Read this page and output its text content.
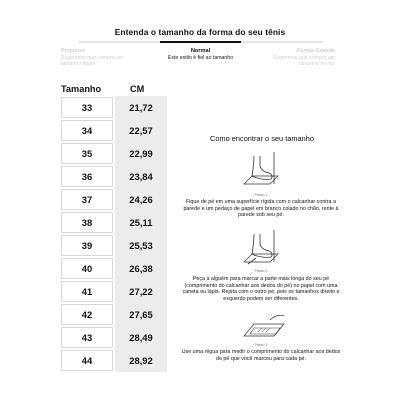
Entenda o tamanho da forma do seu tênis
Pequeno
Sugerimos que compre um tamanho maior
Normal
Este estilo é fiel ao tamanho
Forma Grande
Sugerimos que compre um tamanho menor
Tamanho	CM
33	21,72
34	22,57
35	22,99
36	23,84
37	24,26
38	25,11
39	25,53
40	26,38
41	27,22
42	27,65
43	28,49
44	28,92
Como encontrar o seu tamanho
Passo 1
Fique de pé em uma superfície rígida com o calcanhar contra a parede e um pedaço de papel em branco colado no chão, rente à parede sob seu pé.
Passo 2
Peça a alguém para marcar a parte mais longa do seu pé (comprimento do calcanhar aos dedos do pé) no papel com uma caneta ou lápis. Repita com o outro pé, pois os tamanhos direito e esquerdo podem ser diferentes.
Passo 3
Use uma régua para medir o comprimento do calcanhar aos dedos do pé que você marcou para cada pé.
